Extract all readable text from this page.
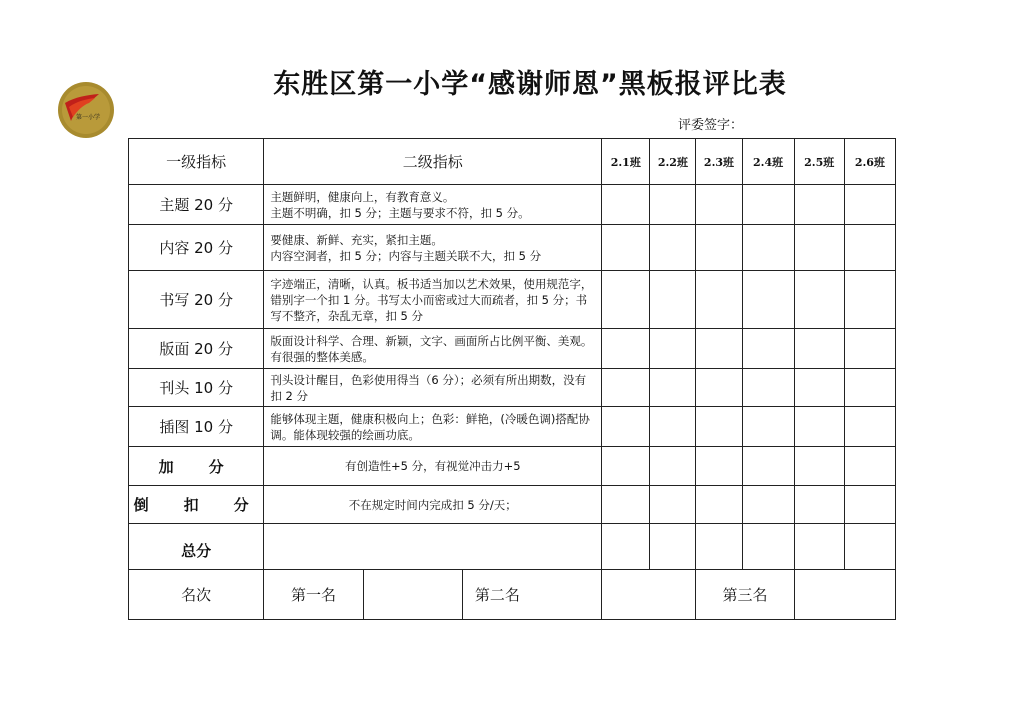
第一小学
东胜区第一小学“感谢师恩”黑板报评比表
评委签字：
一级指标	二级指标			2.1班	2.2班	2.3班	2.4班	2.5班	2.6班
主题 20 分	主题鲜明，健康向上，有教育意义。
主题不明确，扣 5 分；主题与要求不符，扣 5 分。								

内容 20 分	要健康、新鲜、充实，紧扣主题。
内容空洞者，扣 5 分；内容与主题关联不大，扣 5 分								

书写 20 分	字迹端正，清晰，认真。板书适当加以艺术效果，使用规范字，错别字一个扣 1 分。书写太小而密或过大而疏者，扣 5 分；书写不整齐，杂乱无章，扣 5 分								
版面 20 分	版面设计科学、合理、新颖，文字、画面所占比例平衡、美观。有很强的整体美感。								
刊头 10 分	刊头设计醒目，色彩使用得当（6 分）；必须有所出期数，没有扣 2 分								
插图 10 分	能够体现主题，健康积极向上；色彩：鲜艳，(冷暖色调)搭配协调。能体现较强的绘画功底。								
加　分	有创造性+5 分，有视觉冲击力+5								
倒　扣　分	不在规定时间内完成扣 5 分/天；								
总分									
名次	第一名		第二名			第三名			
